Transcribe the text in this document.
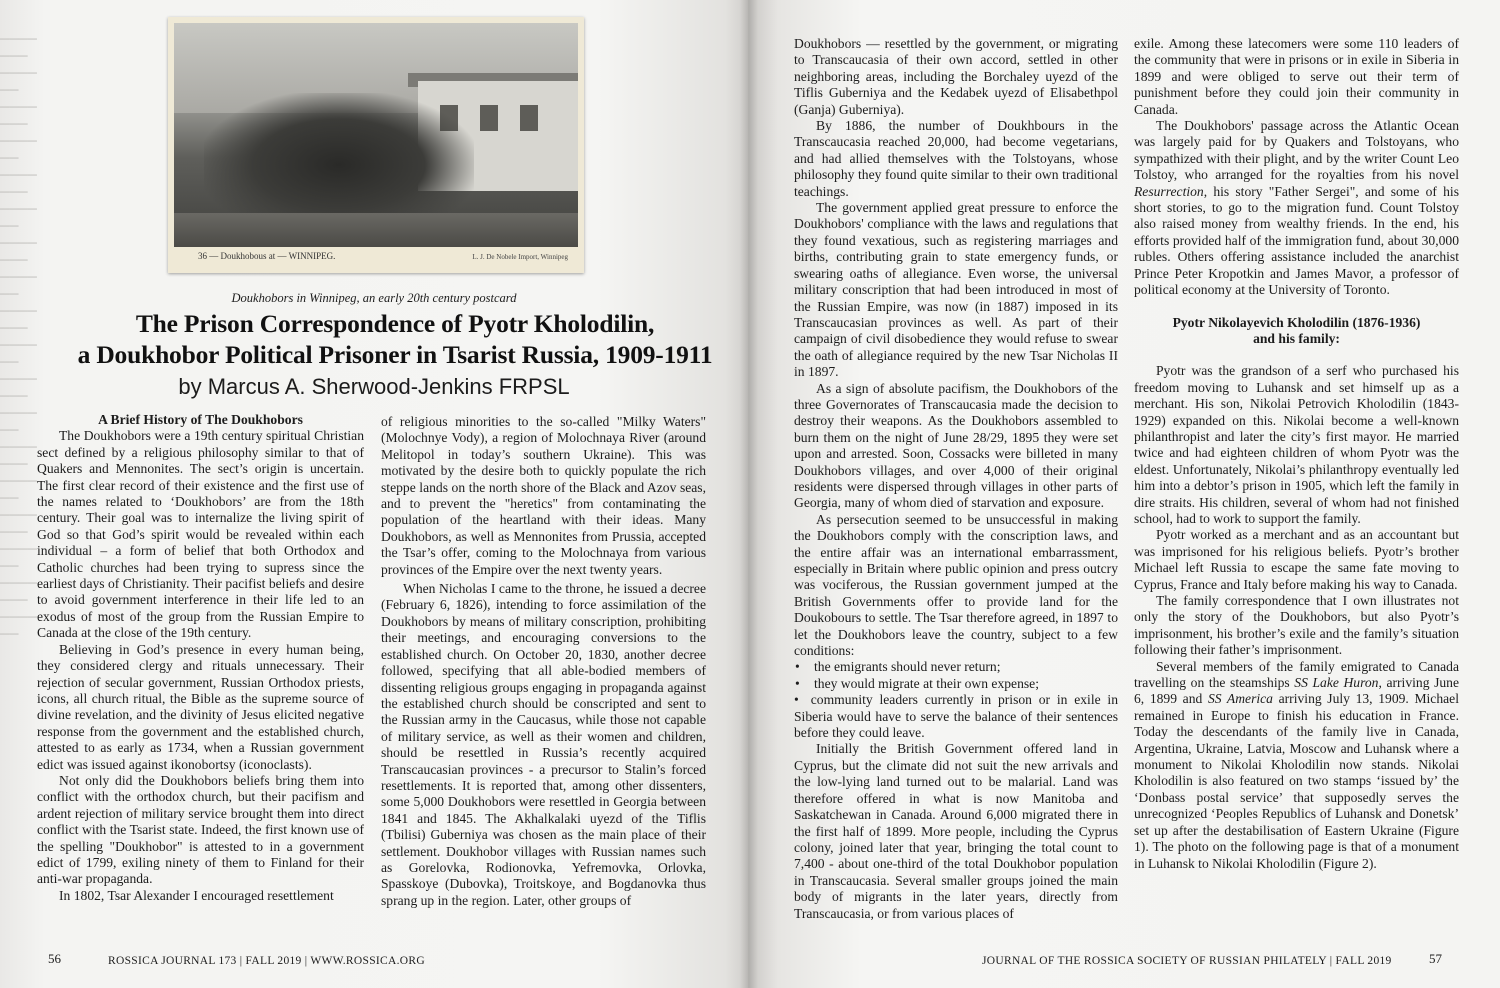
────
───
────
──
────
───
────
──
────
───
────
──
────
───
────
──
────
───
────
──
────
───
────
──
────
───
────
──
────
───
────
──
────
───
────
──
36 — Doukhobous at — WINNIPEG.	L. J. De Nobele Import, Winnipeg
Doukhobors in Winnipeg, an early 20th century postcard
The Prison Correspondence of Pyotr Kholodilin,
a Doukhobor Political Prisoner in Tsarist Russia, 1909-1911
by Marcus A. Sherwood-Jenkins FRPSL
A Brief History of The Doukhobors

The Doukhobors were a 19th century spiritual Christian sect defined by a religious philosophy similar to that of Quakers and Mennonites. The sect’s origin is uncertain. The first clear record of their existence and the first use of the names related to ‘Doukhobors’ are from the 18th century. Their goal was to internalize the living spirit of God so that God’s spirit would be revealed within each individual – a form of belief that both Orthodox and Catholic churches had been trying to supress since the earliest days of Christianity. Their pacifist beliefs and desire to avoid government interference in their life led to an exodus of most of the group from the Russian Empire to Canada at the close of the 19th century.

Believing in God’s presence in every human being, they considered clergy and rituals unnecessary. Their rejection of secular government, Russian Orthodox priests, icons, all church ritual, the Bible as the supreme source of divine revelation, and the divinity of Jesus elicited negative response from the government and the established church, attested to as early as 1734, when a Russian government edict was issued against ikonobortsy (iconoclasts).

Not only did the Doukhobors beliefs bring them into conflict with the orthodox church, but their pacifism and ardent rejection of military service brought them into direct conflict with the Tsarist state. Indeed, the first known use of the spelling "Doukhobor" is attested to in a government edict of 1799, exiling ninety of them to Finland for their anti-war propaganda.

In 1802, Tsar Alexander I encouraged resettlement

of religious minorities to the so-called "Milky Waters" (Molochnye Vody), a region of Molochnaya River (around Melitopol in today’s southern Ukraine). This was motivated by the desire both to quickly populate the rich steppe lands on the north shore of the Black and Azov seas, and to prevent the "heretics" from contaminating the population of the heartland with their ideas. Many Doukhobors, as well as Mennonites from Prussia, accepted the Tsar’s offer, coming to the Molochnaya from various provinces of the Empire over the next twenty years.

When Nicholas I came to the throne, he issued a decree (February 6, 1826), intending to force assimilation of the Doukhobors by means of military conscription, prohibiting their meetings, and encouraging conversions to the established church. On October 20, 1830, another decree followed, specifying that all able-bodied members of dissenting religious groups engaging in propaganda against the established church should be conscripted and sent to the Russian army in the Caucasus, while those not capable of military service, as well as their women and children, should be resettled in Russia’s recently acquired Transcaucasian provinces - a precursor to Stalin’s forced resettlements. It is reported that, among other dissenters, some 5,000 Doukhobors were resettled in Georgia between 1841 and 1845. The Akhalkalaki uyezd of the Tiflis (Tbilisi) Guberniya was chosen as the main place of their settlement. Doukhobor villages with Russian names such as Gorelovka, Rodionovka, Yefremovka, Orlovka, Spasskoye (Dubovka), Troitskoye, and Bogdanovka thus sprang up in the region. Later, other groups of

56	ROSSICA JOURNAL 173 | FALL 2019 | WWW.ROSSICA.ORG

Doukhobors — resettled by the government, or migrating to Transcaucasia of their own accord, settled in other neighboring areas, including the Borchaley uyezd of the Tiflis Guberniya and the Kedabek uyezd of Elisabethpol (Ganja) Guberniya).

By 1886, the number of Doukhbours in the Transcaucasia reached 20,000, had become vegetarians, and had allied themselves with the Tolstoyans, whose philosophy they found quite similar to their own traditional teachings.

The government applied great pressure to enforce the Doukhobors' compliance with the laws and regulations that they found vexatious, such as registering marriages and births, contributing grain to state emergency funds, or swearing oaths of allegiance. Even worse, the universal military conscription that had been introduced in most of the Russian Empire, was now (in 1887) imposed in its Transcaucasian provinces as well. As part of their campaign of civil disobedience they would refuse to swear the oath of allegiance required by the new Tsar Nicholas II in 1897.

As a sign of absolute pacifism, the Doukhobors of the three Governorates of Transcaucasia made the decision to destroy their weapons. As the Doukhobors assembled to burn them on the night of June 28/29, 1895 they were set upon and arrested. Soon, Cossacks were billeted in many Doukhobors villages, and over 4,000 of their original residents were dispersed through villages in other parts of Georgia, many of whom died of starvation and exposure.

As persecution seemed to be unsuccessful in making the Doukhobors comply with the conscription laws, and the entire affair was an international embarrassment, especially in Britain where public opinion and press outcry was vociferous, the Russian government jumped at the British Governments offer to provide land for the Doukobours to settle. The Tsar therefore agreed, in 1897 to let the Doukhobors leave the country, subject to a few conditions:

• the emigrants should never return;
• they would migrate at their own expense;
• community leaders currently in prison or in exile in Siberia would have to serve the balance of their sentences before they could leave.

Initially the British Government offered land in Cyprus, but the climate did not suit the new arrivals and the low-lying land turned out to be malarial. Land was therefore offered in what is now Manitoba and Saskatchewan in Canada. Around 6,000 migrated there in the first half of 1899. More people, including the Cyprus colony, joined later that year, bringing the total count to 7,400 - about one-third of the total Doukhobor population in Transcaucasia. Several smaller groups joined the main body of migrants in the later years, directly from Transcaucasia, or from various places of

exile. Among these latecomers were some 110 leaders of the community that were in prisons or in exile in Siberia in 1899 and were obliged to serve out their term of punishment before they could join their community in Canada.

The Doukhobors' passage across the Atlantic Ocean was largely paid for by Quakers and Tolstoyans, who sympathized with their plight, and by the writer Count Leo Tolstoy, who arranged for the royalties from his novel Resurrection, his story "Father Sergei", and some of his short stories, to go to the migration fund. Count Tolstoy also raised money from wealthy friends. In the end, his efforts provided half of the immigration fund, about 30,000 rubles. Others offering assistance included the anarchist Prince Peter Kropotkin and James Mavor, a professor of political economy at the University of Toronto.

Pyotr Nikolayevich Kholodilin (1876-1936)
and his family:

Pyotr was the grandson of a serf who purchased his freedom moving to Luhansk and set himself up as a merchant. His son, Nikolai Petrovich Kholodilin (1843-1929) expanded on this. Nikolai become a well-known philanthropist and later the city’s first mayor. He married twice and had eighteen children of whom Pyotr was the eldest. Unfortunately, Nikolai’s philanthropy eventually led him into a debtor’s prison in 1905, which left the family in dire straits. His children, several of whom had not finished school, had to work to support the family.

Pyotr worked as a merchant and as an accountant but was imprisoned for his religious beliefs. Pyotr’s brother Michael left Russia to escape the same fate moving to Cyprus, France and Italy before making his way to Canada.

The family correspondence that I own illustrates not only the story of the Doukhobors, but also Pyotr’s imprisonment, his brother’s exile and the family’s situation following their father’s imprisonment.

Several members of the family emigrated to Canada travelling on the steamships SS Lake Huron, arriving June 6, 1899 and SS America arriving July 13, 1909. Michael remained in Europe to finish his education in France. Today the descendants of the family live in Canada, Argentina, Ukraine, Latvia, Moscow and Luhansk where a monument to Nikolai Kholodilin now stands. Nikolai Kholodilin is also featured on two stamps ‘issued by’ the ‘Donbass postal service’ that supposedly serves the unrecognized ‘Peoples Republics of Luhansk and Donetsk’ set up after the destabilisation of Eastern Ukraine (Figure 1). The photo on the following page is that of a monument in Luhansk to Nikolai Kholodilin (Figure 2).

JOURNAL OF THE ROSSICA SOCIETY OF RUSSIAN PHILATELY | FALL 2019	57
